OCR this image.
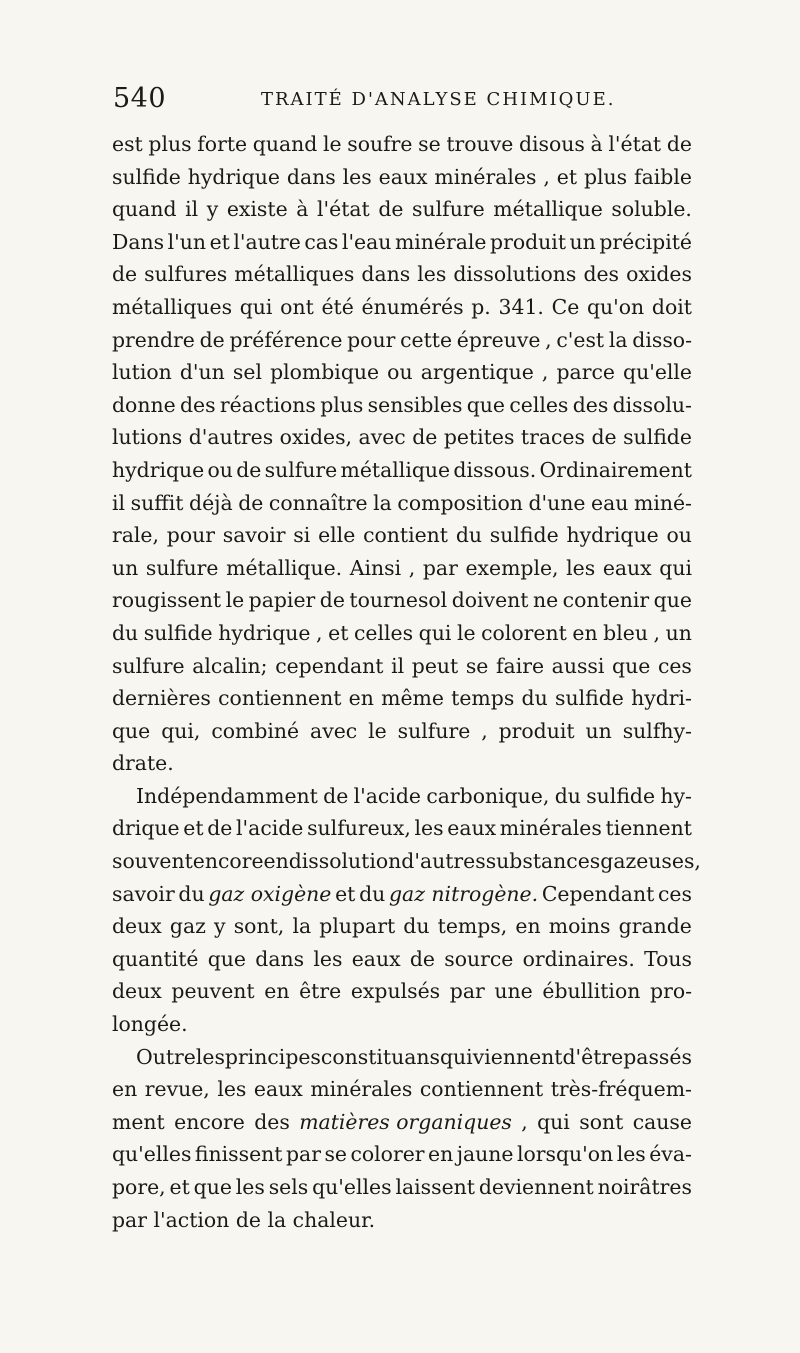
540	TRAITÉ D'ANALYSE CHIMIQUE.
est plus forte quand le soufre se trouve disous à l'état de
sulfide hydrique dans les eaux minérales , et plus faible
quand il y existe à l'état de sulfure métallique soluble.
Dans l'un et l'autre cas l'eau minérale produit un précipité
de sulfures métalliques dans les dissolutions des oxides
métalliques qui ont été énumérés p. 341. Ce qu'on doit
prendre de préférence pour cette épreuve , c'est la disso-
lution d'un sel plombique ou argentique , parce qu'elle
donne des réactions plus sensibles que celles des dissolu-
lutions d'autres oxides, avec de petites traces de sulfide
hydrique ou de sulfure métallique dissous. Ordinairement
il suffit déjà de connaître la composition d'une eau miné-
rale, pour savoir si elle contient du sulfide hydrique ou
un sulfure métallique. Ainsi , par exemple, les eaux qui
rougissent le papier de tournesol doivent ne contenir que
du sulfide hydrique , et celles qui le colorent en bleu , un
sulfure alcalin; cependant il peut se faire aussi que ces
dernières contiennent en même temps du sulfide hydri-
que qui, combiné avec le sulfure , produit un sulfhy-
drate.
Indépendamment de l'acide carbonique, du sulfide hy-
drique et de l'acide sulfureux, les eaux minérales tiennent
souvent encore en dissolution d'autres substances gazeuses,
savoir du gaz oxigène et du gaz nitrogène. Cependant ces
deux gaz y sont, la plupart du temps, en moins grande
quantité que dans les eaux de source ordinaires. Tous
deux peuvent en être expulsés par une ébullition pro-
longée.
Outre les principes constituans qui viennent d'être passés
en revue, les eaux minérales contiennent très-fréquem-
ment encore des matières organiques , qui sont cause
qu'elles finissent par se colorer en jaune lorsqu'on les éva-
pore, et que les sels qu'elles laissent deviennent noirâtres
par l'action de la chaleur.
